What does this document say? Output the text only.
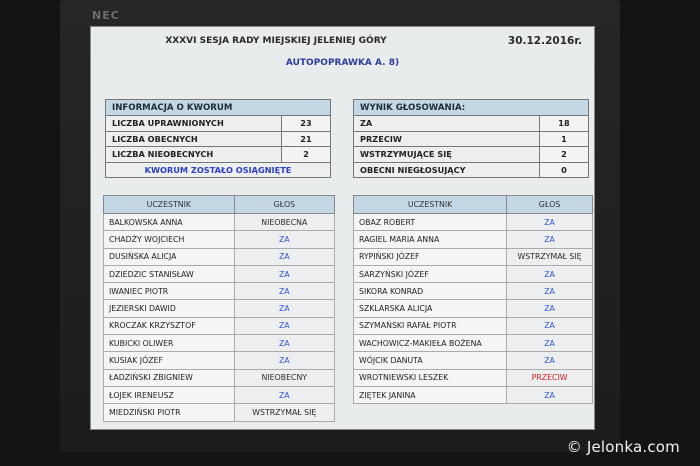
NEC
XXXVI SESJA RADY MIEJSKIEJ JELENIEJ GÓRY	30.12.2016r.
AUTOPOPRAWKA A. 8)
INFORMACJA O KWORUM	
LICZBA UPRAWNIONYCH	23
LICZBA OBECNYCH	21
LICZBA NIEOBECNYCH	2
KWORUM ZOSTAŁO OSIĄGNIĘTE	
WYNIK GŁOSOWANIA:	
ZA	18
PRZECIW	1
WSTRZYMUJĄCE SIĘ	2
OBECNI NIEGŁOSUJĄCY	0
UCZESTNIK	GŁOS
BALKOWSKA ANNA	NIEOBECNA
CHADŹY WOJCIECH	ZA
DUSIŃSKA ALICJA	ZA
DZIEDZIC STANISŁAW	ZA
IWANIEC PIOTR	ZA
JEZIERSKI DAWID	ZA
KROCZAK KRZYSZTOF	ZA
KUBICKI OLIWER	ZA
KUSIAK JÓZEF	ZA
ŁADZIŃSKI ZBIGNIEW	NIEOBECNY
ŁOJEK IRENEUSZ	ZA
MIEDZIŃSKI PIOTR	WSTRZYMAŁ SIĘ
UCZESTNIK	GŁOS
OBAZ ROBERT	ZA
RAGIEL MARIA ANNA	ZA
RYPIŃSKI JÓZEF	WSTRZYMAŁ SIĘ
SARZYŃSKI JÓZEF	ZA
SIKORA KONRAD	ZA
SZKLARSKA ALICJA	ZA
SZYMAŃSKI RAFAŁ PIOTR	ZA
WACHOWICZ-MAKIEŁA BOŻENA	ZA
WÓJCIK DANUTA	ZA
WROTNIEWSKI LESZEK	PRZECIW
ZIĘTEK JANINA	ZA
© Jelonka.com
